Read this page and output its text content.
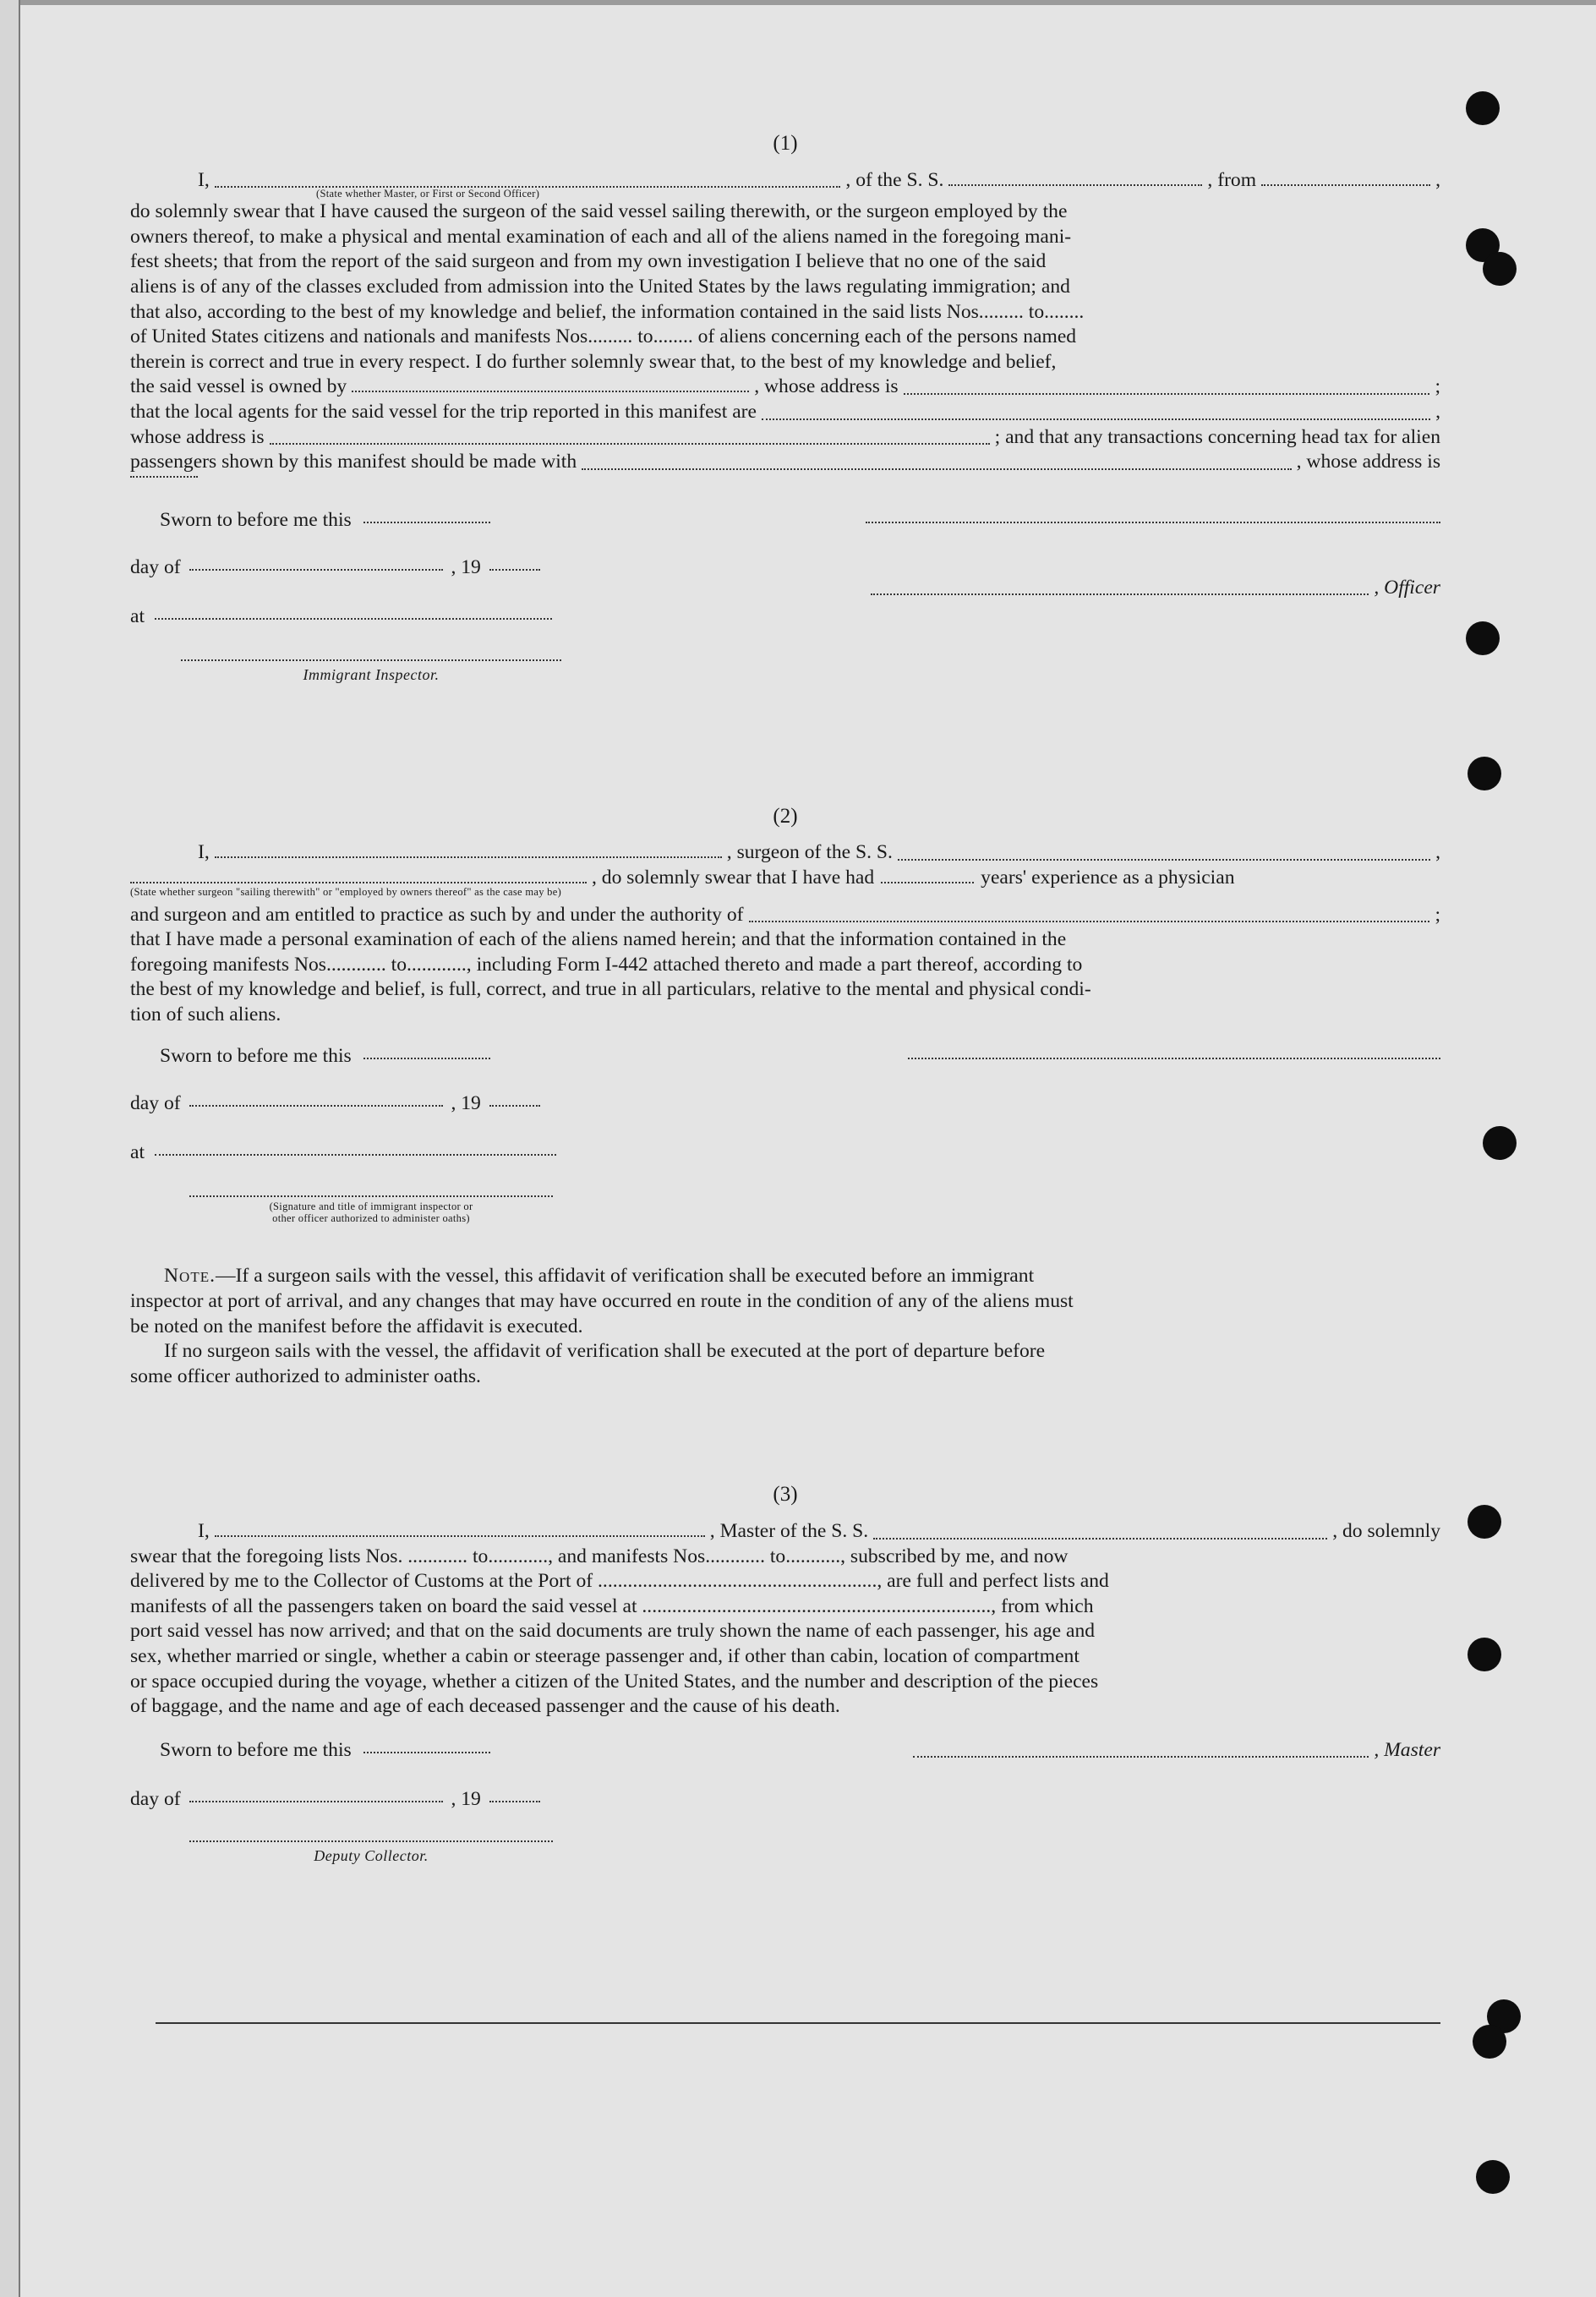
(1)
I,	, of the S. S.	, from	,
(State whether Master, or First or Second Officer)

do solemnly swear that I have caused the surgeon of the said vessel sailing therewith, or the surgeon employed by the

owners thereof, to make a physical and mental examination of each and all of the aliens named in the foregoing mani-

fest sheets; that from the report of the said surgeon and from my own investigation I believe that no one of the said

aliens is of any of the classes excluded from admission into the United States by the laws regulating immigration; and

that also, according to the best of my knowledge and belief, the information contained in the said lists Nos......... to........

of United States citizens and nationals and manifests Nos......... to........ of aliens concerning each of the persons named

therein is correct and true in every respect. I do further solemnly swear that, to the best of my knowledge and belief,

the said vessel is owned by	, whose address is	;
that the local agents for the said vessel for the trip reported in this manifest are	,
whose address is	; and that any transactions concerning head tax for alien
passengers shown by this manifest should be made with	, whose address is
Sworn to before me this
day of	, 19
, Officer
at
Immigrant Inspector.
(2)
I,	, surgeon of the S. S.	,
, do solemnly swear that I have had	years' experience as a physician
(State whether surgeon "sailing therewith" or "employed by owners thereof" as the case may be)
and surgeon and am entitled to practice as such by and under the authority of	;

that I have made a personal examination of each of the aliens named herein; and that the information contained in the

foregoing manifests Nos............ to............, including Form I-442 attached thereto and made a part thereof, according to

the best of my knowledge and belief, is full, correct, and true in all particulars, relative to the mental and physical condi-

tion of such aliens.

Sworn to before me this
day of	, 19
at
(Signature and title of immigrant inspector or
other officer authorized to administer oaths)

Note.—If a surgeon sails with the vessel, this affidavit of verification shall be executed before an immigrant

inspector at port of arrival, and any changes that may have occurred en route in the condition of any of the aliens must

be noted on the manifest before the affidavit is executed.

If no surgeon sails with the vessel, the affidavit of verification shall be executed at the port of departure before

some officer authorized to administer oaths.

(3)
I,	, Master of the S. S.	, do solemnly

swear that the foregoing lists Nos. ............ to............, and manifests Nos............ to..........., subscribed by me, and now

delivered by me to the Collector of Customs at the Port of ........................................................, are full and perfect lists and

manifests of all the passengers taken on board the said vessel at ......................................................................, from which

port said vessel has now arrived; and that on the said documents are truly shown the name of each passenger, his age and

sex, whether married or single, whether a cabin or steerage passenger and, if other than cabin, location of compartment

or space occupied during the voyage, whether a citizen of the United States, and the number and description of the pieces

of baggage, and the name and age of each deceased passenger and the cause of his death.

Sworn to before me this	, Master
day of	, 19
Deputy Collector.
